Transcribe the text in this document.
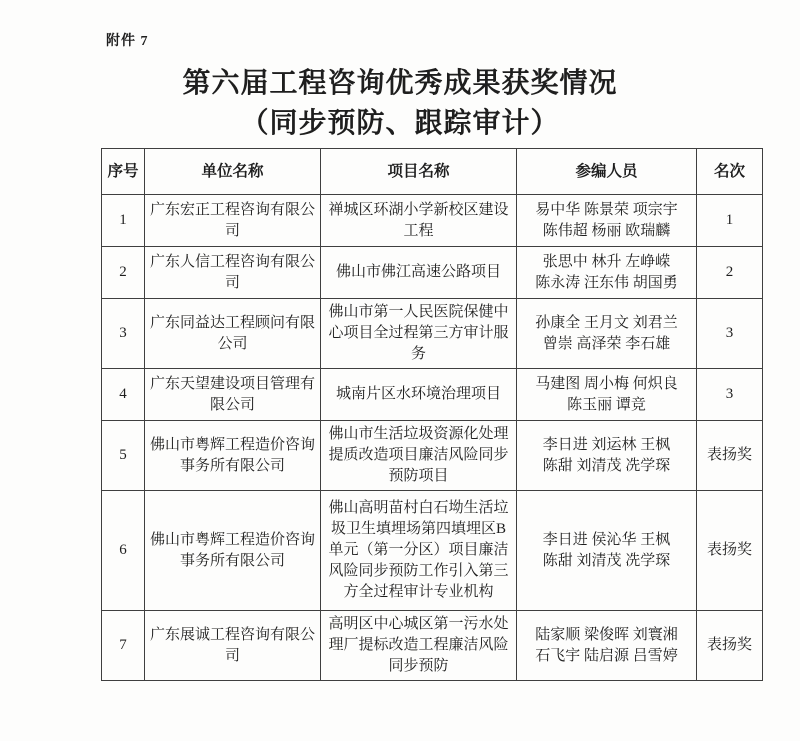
附件 7
第六届工程咨询优秀成果获奖情况
（同步预防、跟踪审计）
序号	单位名称	项目名称	参编人员	名次
1	广东宏正工程咨询有限公司	禅城区环湖小学新校区建设工程	易中华 陈景荣 项宗宇
陈伟超 杨丽 欧瑞麟	1
2	广东人信工程咨询有限公司	佛山市佛江高速公路项目	张思中 林升 左峥嵘
陈永涛 汪东伟 胡国勇	2
3	广东同益达工程顾问有限公司	佛山市第一人民医院保健中心项目全过程第三方审计服务	孙康全 王月文 刘君兰
曾崇 高泽荣 李石雄	3
4	广东天望建设项目管理有限公司	城南片区水环境治理项目	马建图 周小梅 何炽良
陈玉丽 谭竞	3
5	佛山市粤辉工程造价咨询事务所有限公司	佛山市生活垃圾资源化处理提质改造项目廉洁风险同步预防项目	李日进 刘运林 王枫
陈甜 刘清茂 冼学琛	表扬奖
6	佛山市粤辉工程造价咨询事务所有限公司	佛山高明苗村白石坳生活垃圾卫生填埋场第四填埋区B单元（第一分区）项目廉洁风险同步预防工作引入第三方全过程审计专业机构	李日进 侯沁华 王枫
陈甜 刘清茂 冼学琛	表扬奖
7	广东展诚工程咨询有限公司	高明区中心城区第一污水处理厂提标改造工程廉洁风险同步预防	陆家顺 梁俊晖 刘寰湘
石飞宇 陆启源 吕雪婷	表扬奖
